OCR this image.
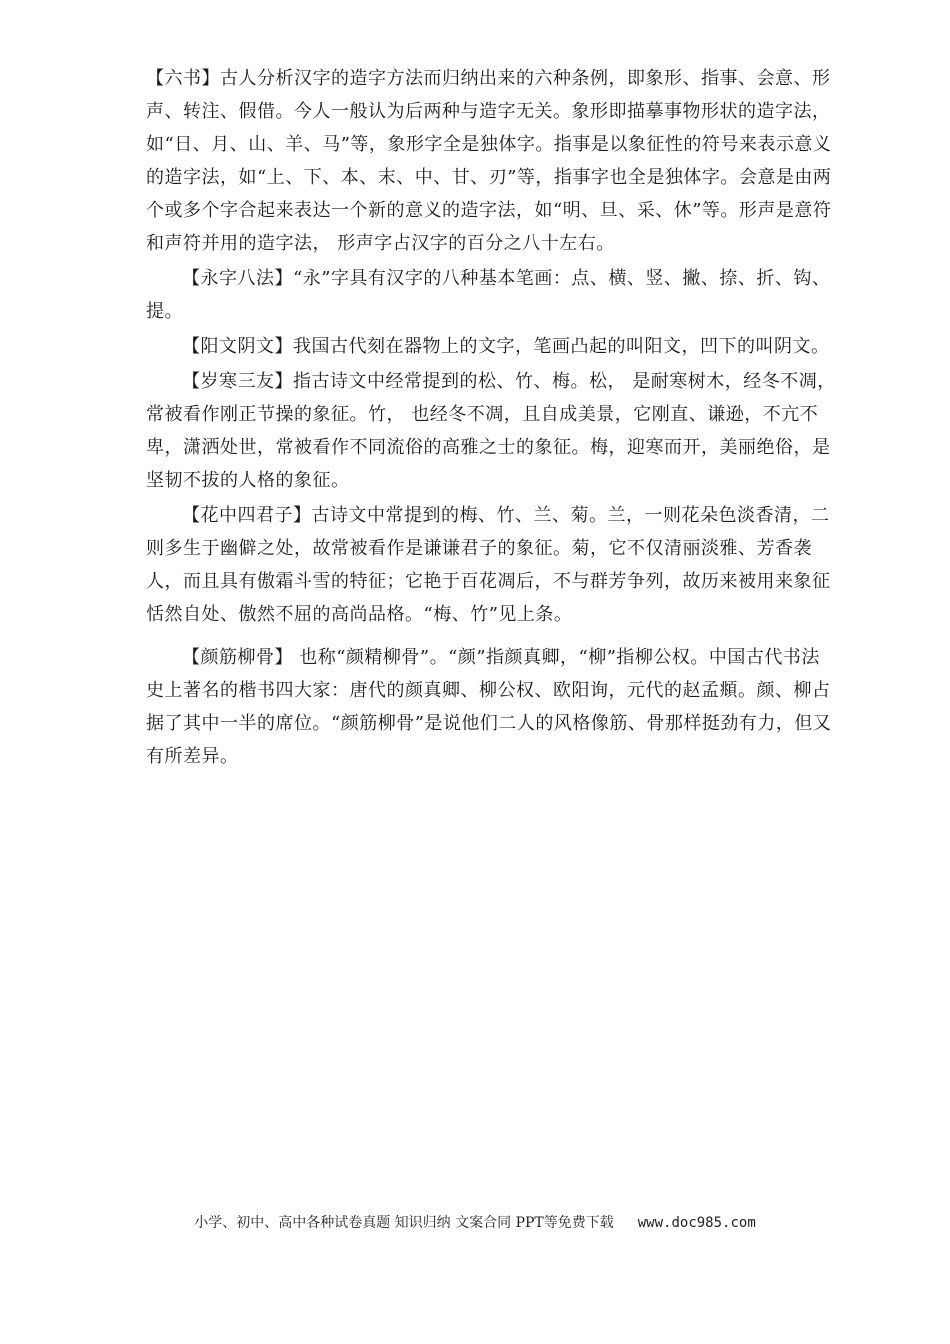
【六书】古人分析汉字的造字方法而归纳出来的六种条例，即象形、指事、会意、形声、转注、假借。今人一般认为后两种与造字无关。象形即描摹事物形状的造字法，如“日、月、山、羊、马”等，象形字全是独体字。指事是以象征性的符号来表示意义的造字法，如“上、下、本、末、中、甘、刃”等，指事字也全是独体字。会意是由两个或多个字合起来表达一个新的意义的造字法，如“明、旦、采、休”等。形声是意符和声符并用的造字法， 形声字占汉字的百分之八十左右。

【永字八法】“永”字具有汉字的八种基本笔画：点、横、竖、撇、捺、折、钩、提。

【阳文阴文】我国古代刻在器物上的文字，笔画凸起的叫阳文，凹下的叫阴文。

【岁寒三友】指古诗文中经常提到的松、竹、梅。松， 是耐寒树木，经冬不凋，常被看作刚正节操的象征。竹， 也经冬不凋，且自成美景，它刚直、谦逊，不亢不卑，潇洒处世，常被看作不同流俗的高雅之士的象征。梅，迎寒而开，美丽绝俗，是坚韧不拔的人格的象征。

【花中四君子】古诗文中常提到的梅、竹、兰、菊。兰，一则花朵色淡香清，二则多生于幽僻之处，故常被看作是谦谦君子的象征。菊，它不仅清丽淡雅、芳香袭人，而且具有傲霜斗雪的特征；它艳于百花凋后，不与群芳争列，故历来被用来象征恬然自处、傲然不屈的高尚品格。“梅、竹”见上条。

【颜筋柳骨】 也称“颜精柳骨”。“颜”指颜真卿，“柳”指柳公权。中国古代书法史上著名的楷书四大家：唐代的颜真卿、柳公权、欧阳询，元代的赵孟頫。颜、柳占据了其中一半的席位。“颜筋柳骨”是说他们二人的风格像筋、骨那样挺劲有力，但又有所差异。

小学、初中、高中各种试卷真题 知识归纳 文案合同 PPT等免费下载 www.doc985.com
